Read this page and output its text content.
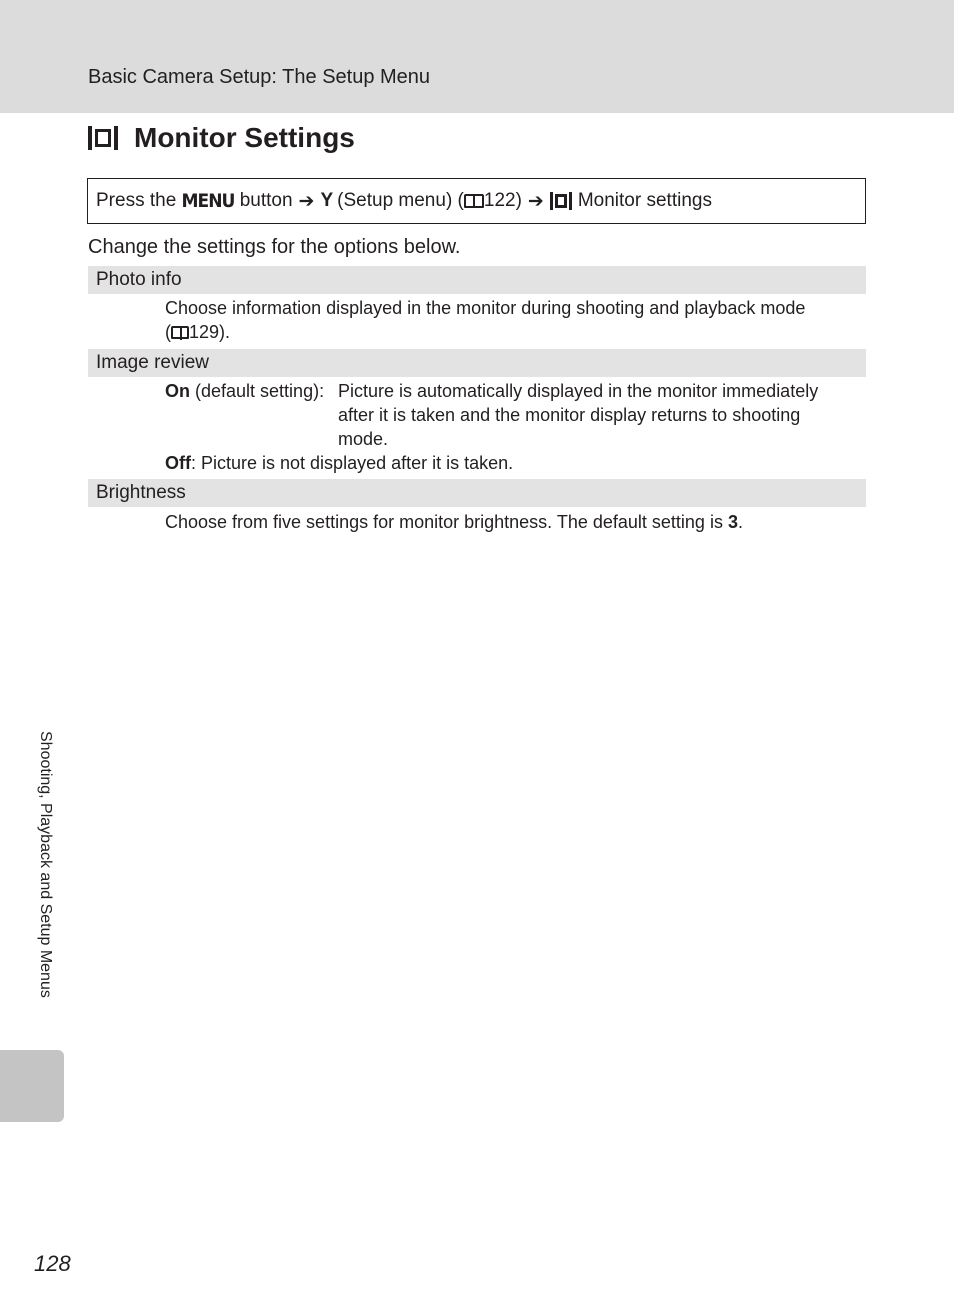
Basic Camera Setup: The Setup Menu
Monitor Settings
Press the
MENU
button ➔ Y (Setup menu) ( 122) ➔ Monitor settings
Change the settings for the options below.
Photo info
Choose information displayed in the monitor during shooting and playback mode
( 129).
Image review
On (default setting): Picture is automatically displayed in the monitor immediately
after it is taken and the monitor display returns to shooting
mode.
Off: Picture is not displayed after it is taken.
Brightness
Choose from five settings for monitor brightness. The default setting is 3.
Shooting, Playback and Setup Menus
128
